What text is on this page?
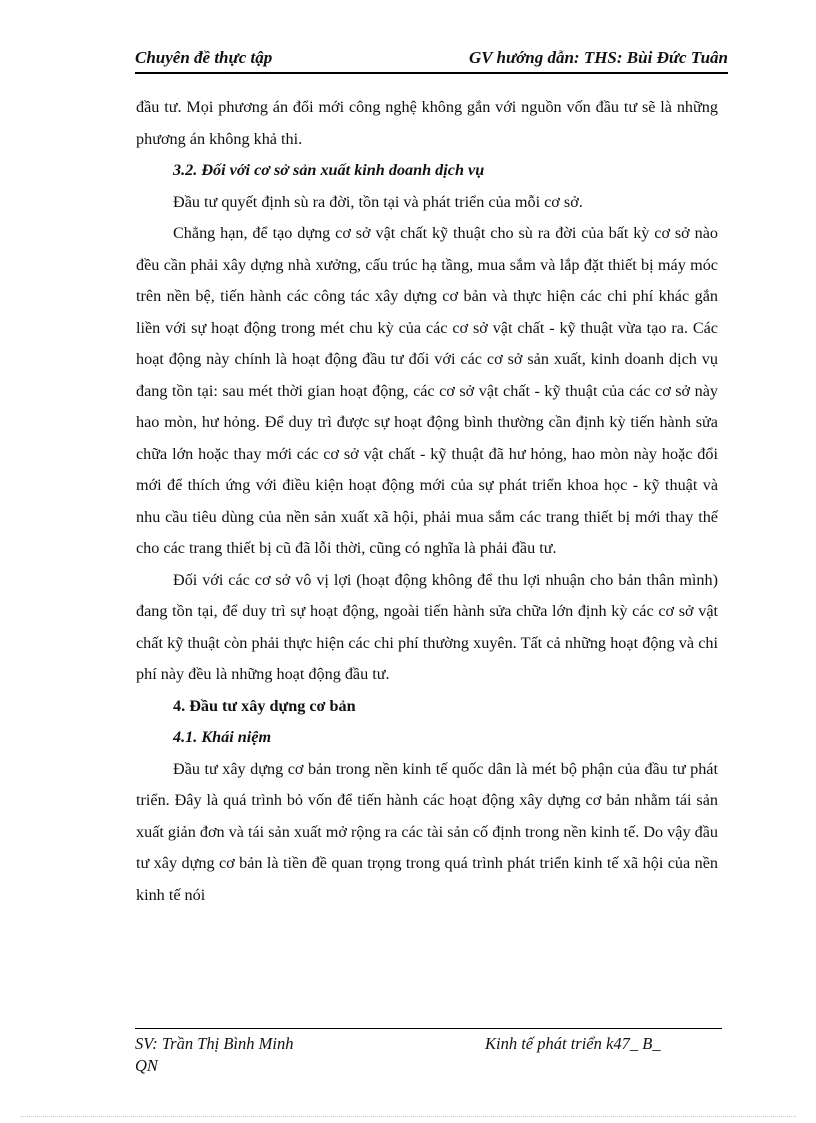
Chuyên đề thực tập	GV hướng dẫn: THS: Bùi Đức Tuân

đầu tư. Mọi phương án đổi mới công nghệ không gắn với nguồn vốn đầu tư sẽ là những phương án không khả thi.

3.2. Đối với cơ sở sản xuất kinh doanh dịch vụ

Đầu tư quyết định sù ra đời, tồn tại và phát triển của mỗi cơ sở.

Chẳng hạn, để tạo dựng cơ sở vật chất kỹ thuật cho sù ra đời của bất kỳ cơ sở nào đều cần phải xây dựng nhà xưởng, cấu trúc hạ tầng, mua sắm và lắp đặt thiết bị máy móc trên nền bệ, tiến hành các công tác xây dựng cơ bản và thực hiện các chi phí khác gắn liền với sự hoạt động trong mét chu kỳ của các cơ sở vật chất - kỹ thuật vừa tạo ra. Các hoạt động này chính là hoạt động đầu tư đối với các cơ sở sản xuất, kinh doanh dịch vụ đang tồn tại: sau mét thời gian hoạt động, các cơ sở vật chất - kỹ thuật của các cơ sở này hao mòn, hư hỏng. Để duy trì được sự hoạt động bình thường cần định kỳ tiến hành sửa chữa lớn hoặc thay mới các cơ sở vật chất - kỹ thuật đã hư hỏng, hao mòn này hoặc đổi mới để thích ứng với điều kiện hoạt động mới của sự phát triển khoa học - kỹ thuật và nhu cầu tiêu dùng của nền sản xuất xã hội, phải mua sắm các trang thiết bị mới thay thế cho các trang thiết bị cũ đã lỗi thời, cũng có nghĩa là phải đầu tư.

Đối với các cơ sở vô vị lợi (hoạt động không để thu lợi nhuận cho bản thân mình) đang tồn tại, để duy trì sự hoạt động, ngoài tiến hành sửa chữa lớn định kỳ các cơ sở vật chất kỹ thuật còn phải thực hiện các chi phí thường xuyên. Tất cả những hoạt động và chi phí này đều là những hoạt động đầu tư.

4. Đầu tư xây dựng cơ bản

4.1. Khái niệm

Đầu tư xây dựng cơ bản trong nền kinh tế quốc dân là mét bộ phận của đầu tư phát triển. Đây là quá trình bỏ vốn để tiến hành các hoạt động xây dựng cơ bản nhằm tái sản xuất giản đơn và tái sản xuất mở rộng ra các tài sản cố định trong nền kinh tế. Do vậy đầu tư xây dựng cơ bản là tiền đề quan trọng trong quá trình phát triển kinh tế xã hội của nền kinh tế nói

SV: Trần Thị Bình Minh	Kinh tế phát triển k47_ B_
QN
